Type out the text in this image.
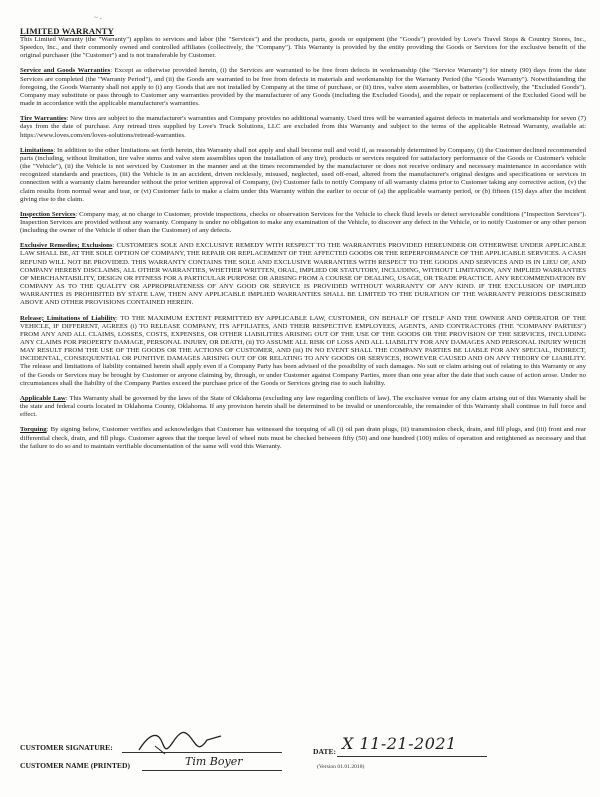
~ -
LIMITED WARRANTY

This Limited Warranty (the "Warranty") applies to services and labor (the "Services") and the products, parts, goods or equipment (the "Goods") provided by Love's Travel Stops & Country Stores, Inc., Speedco, Inc., and their commonly owned and controlled affiliates (collectively, the "Company"). This Warranty is provided by the entity providing the Goods or Services for the exclusive benefit of the original purchaser (the "Customer") and is not transferable by Customer.

Service and Goods Warranties: Except as otherwise provided herein, (i) the Services are warranted to be free from defects in workmanship (the "Service Warranty") for ninety (90) days from the date Services are completed (the "Warranty Period"), and (ii) the Goods are warranted to be free from defects in materials and workmanship for the Warranty Period (the "Goods Warranty"). Notwithstanding the foregoing, the Goods Warranty shall not apply to (i) any Goods that are not installed by Company at the time of purchase, or (ii) tires, valve stem assemblies, or batteries (collectively, the "Excluded Goods"). Company may substitute or pass through to Customer any warranties provided by the manufacturer of any Goods (including the Excluded Goods), and the repair or replacement of the Excluded Good will be made in accordance with the applicable manufacturer's warranties.

Tire Warranties: New tires are subject to the manufacturer's warranties and Company provides no additional warranty. Used tires will be warranted against defects in materials and workmanship for seven (7) days from the date of purchase. Any retread tires supplied by Love's Truck Solutions, LLC are excluded from this Warranty and subject to the terms of the applicable Retread Warranty, available at: https://www.loves.com/en/loves-solutions/retread-warranties.

Limitations: In addition to the other limitations set forth herein, this Warranty shall not apply and shall become null and void if, as reasonably determined by Company, (i) the Customer declined recommended parts (including, without limitation, tire valve stems and valve stem assemblies upon the installation of any tire), products or services required for satisfactory performance of the Goods or Customer's vehicle (the "Vehicle"), (ii) the Vehicle is not serviced by Customer in the manner and at the times recommended by the manufacturer or does not receive ordinary and necessary maintenance in accordance with recognized standards and practices, (iii) the Vehicle is in an accident, driven recklessly, misused, neglected, used off-road, altered from the manufacturer's original designs and specifications or services in connection with a warranty claim hereunder without the prior written approval of Company, (iv) Customer fails to notify Company of all warranty claims prior to Customer taking any corrective action, (v) the claim results from normal wear and tear, or (vi) Customer fails to make a claim under this Warranty within the earlier to occur of (a) the applicable warranty period, or (b) fifteen (15) days after the incident giving rise to the claim.

Inspection Services: Company may, at no charge to Customer, provide inspections, checks or observation Services for the Vehicle to check fluid levels or detect serviceable conditions ("Inspection Services"). Inspection Services are provided without any warranty. Company is under no obligation to make any examination of the Vehicle, to discover any defect in the Vehicle, or to notify Customer or any other person (including the owner of the Vehicle if other than the Customer) of any defects.

Exclusive Remedies; Exclusions: CUSTOMER'S SOLE AND EXCLUSIVE REMEDY WITH RESPECT TO THE WARRANTIES PROVIDED HEREUNDER OR OTHERWISE UNDER APPLICABLE LAW SHALL BE, AT THE SOLE OPTION OF COMPANY, THE REPAIR OR REPLACEMENT OF THE AFFECTED GOODS OR THE REPERFORMANCE OF THE APPLICABLE SERVICES. A CASH REFUND WILL NOT BE PROVIDED. THIS WARRANTY CONTAINS THE SOLE AND EXCLUSIVE WARRANTIES WITH RESPECT TO THE GOODS AND SERVICES AND IS IN LIEU OF, AND COMPANY HEREBY DISCLAIMS, ALL OTHER WARRANTIES, WHETHER WRITTEN, ORAL, IMPLIED OR STATUTORY, INCLUDING, WITHOUT LIMITATION, ANY IMPLIED WARRANTIES OF MERCHANTABILITY, DESIGN OR FITNESS FOR A PARTICULAR PURPOSE OR ARISING FROM A COURSE OF DEALING, USAGE, OR TRADE PRACTICE. ANY RECOMMENDATION BY COMPANY AS TO THE QUALITY OR APPROPRIATENESS OF ANY GOOD OR SERVICE IS PROVIDED WITHOUT WARRANTY OF ANY KIND. IF THE EXCLUSION OF IMPLIED WARRANTIES IS PROHIBITED BY STATE LAW, THEN ANY APPLICABLE IMPLIED WARRANTIES SHALL BE LIMITED TO THE DURATION OF THE WARRANTY PERIODS DESCRIBED ABOVE AND OTHER PROVISIONS CONTAINED HEREIN.

Release; Limitations of Liability: TO THE MAXIMUM EXTENT PERMITTED BY APPLICABLE LAW, CUSTOMER, ON BEHALF OF ITSELF AND THE OWNER AND OPERATOR OF THE VEHICLE, IF DIFFERENT, AGREES (i) TO RELEASE COMPANY, ITS AFFILIATES, AND THEIR RESPECTIVE EMPLOYEES, AGENTS, AND CONTRACTORS (THE "COMPANY PARTIES") FROM ANY AND ALL CLAIMS, LOSSES, COSTS, EXPENSES, OR OTHER LIABILITIES ARISING OUT OF THE USE OF THE GOODS OR THE PROVISION OF THE SERVICES, INCLUDING ANY CLAIMS FOR PROPERTY DAMAGE, PERSONAL INJURY, OR DEATH, (ii) TO ASSUME ALL RISK OF LOSS AND ALL LIABILITY FOR ANY DAMAGES AND PERSONAL INJURY WHICH MAY RESULT FROM THE USE OF THE GOODS OR THE ACTIONS OF CUSTOMER, AND (iii) IN NO EVENT SHALL THE COMPANY PARTIES BE LIABLE FOR ANY SPECIAL, INDIRECT, INCIDENTAL, CONSEQUENTIAL OR PUNITIVE DAMAGES ARISING OUT OF OR RELATING TO ANY GOODS OR SERVICES, HOWEVER CAUSED AND ON ANY THEORY OF LIABILITY. The release and limitations of liability contained herein shall apply even if a Company Party has been advised of the possibility of such damages. No suit or claim arising out of relating to this Warranty or any of the Goods or Services may be brought by Customer or anyone claiming by, through, or under Customer against Company Parties, more than one year after the date that such cause of action arose. Under no circumstances shall the liability of the Company Parties exceed the purchase price of the Goods or Services giving rise to such liability.

Applicable Law: This Warranty shall be governed by the laws of the State of Oklahoma (excluding any law regarding conflicts of law). The exclusive venue for any claim arising out of this Warranty shall be the state and federal courts located in Oklahoma County, Oklahoma. If any provision herein shall be determined to be invalid or unenforceable, the remainder of this Warranty shall continue in full force and effect.

Torquing: By signing below, Customer verifies and acknowledges that Customer has witnessed the torquing of all (i) oil pan drain plugs, (ii) transmission check, drain, and fill plugs, and (iii) front and rear differential check, drain, and fill plugs. Customer agrees that the torque level of wheel nuts must be checked between fifty (50) and one hundred (100) miles of operation and retightened as necessary and that the failure to do so and to maintain verifiable documentation of the same will void this Warranty.

CUSTOMER SIGNATURE:
CUSTOMER NAME (PRINTED)	Tim Boyer
DATE: X 11-21-2021
(Version 01.01.2018)
